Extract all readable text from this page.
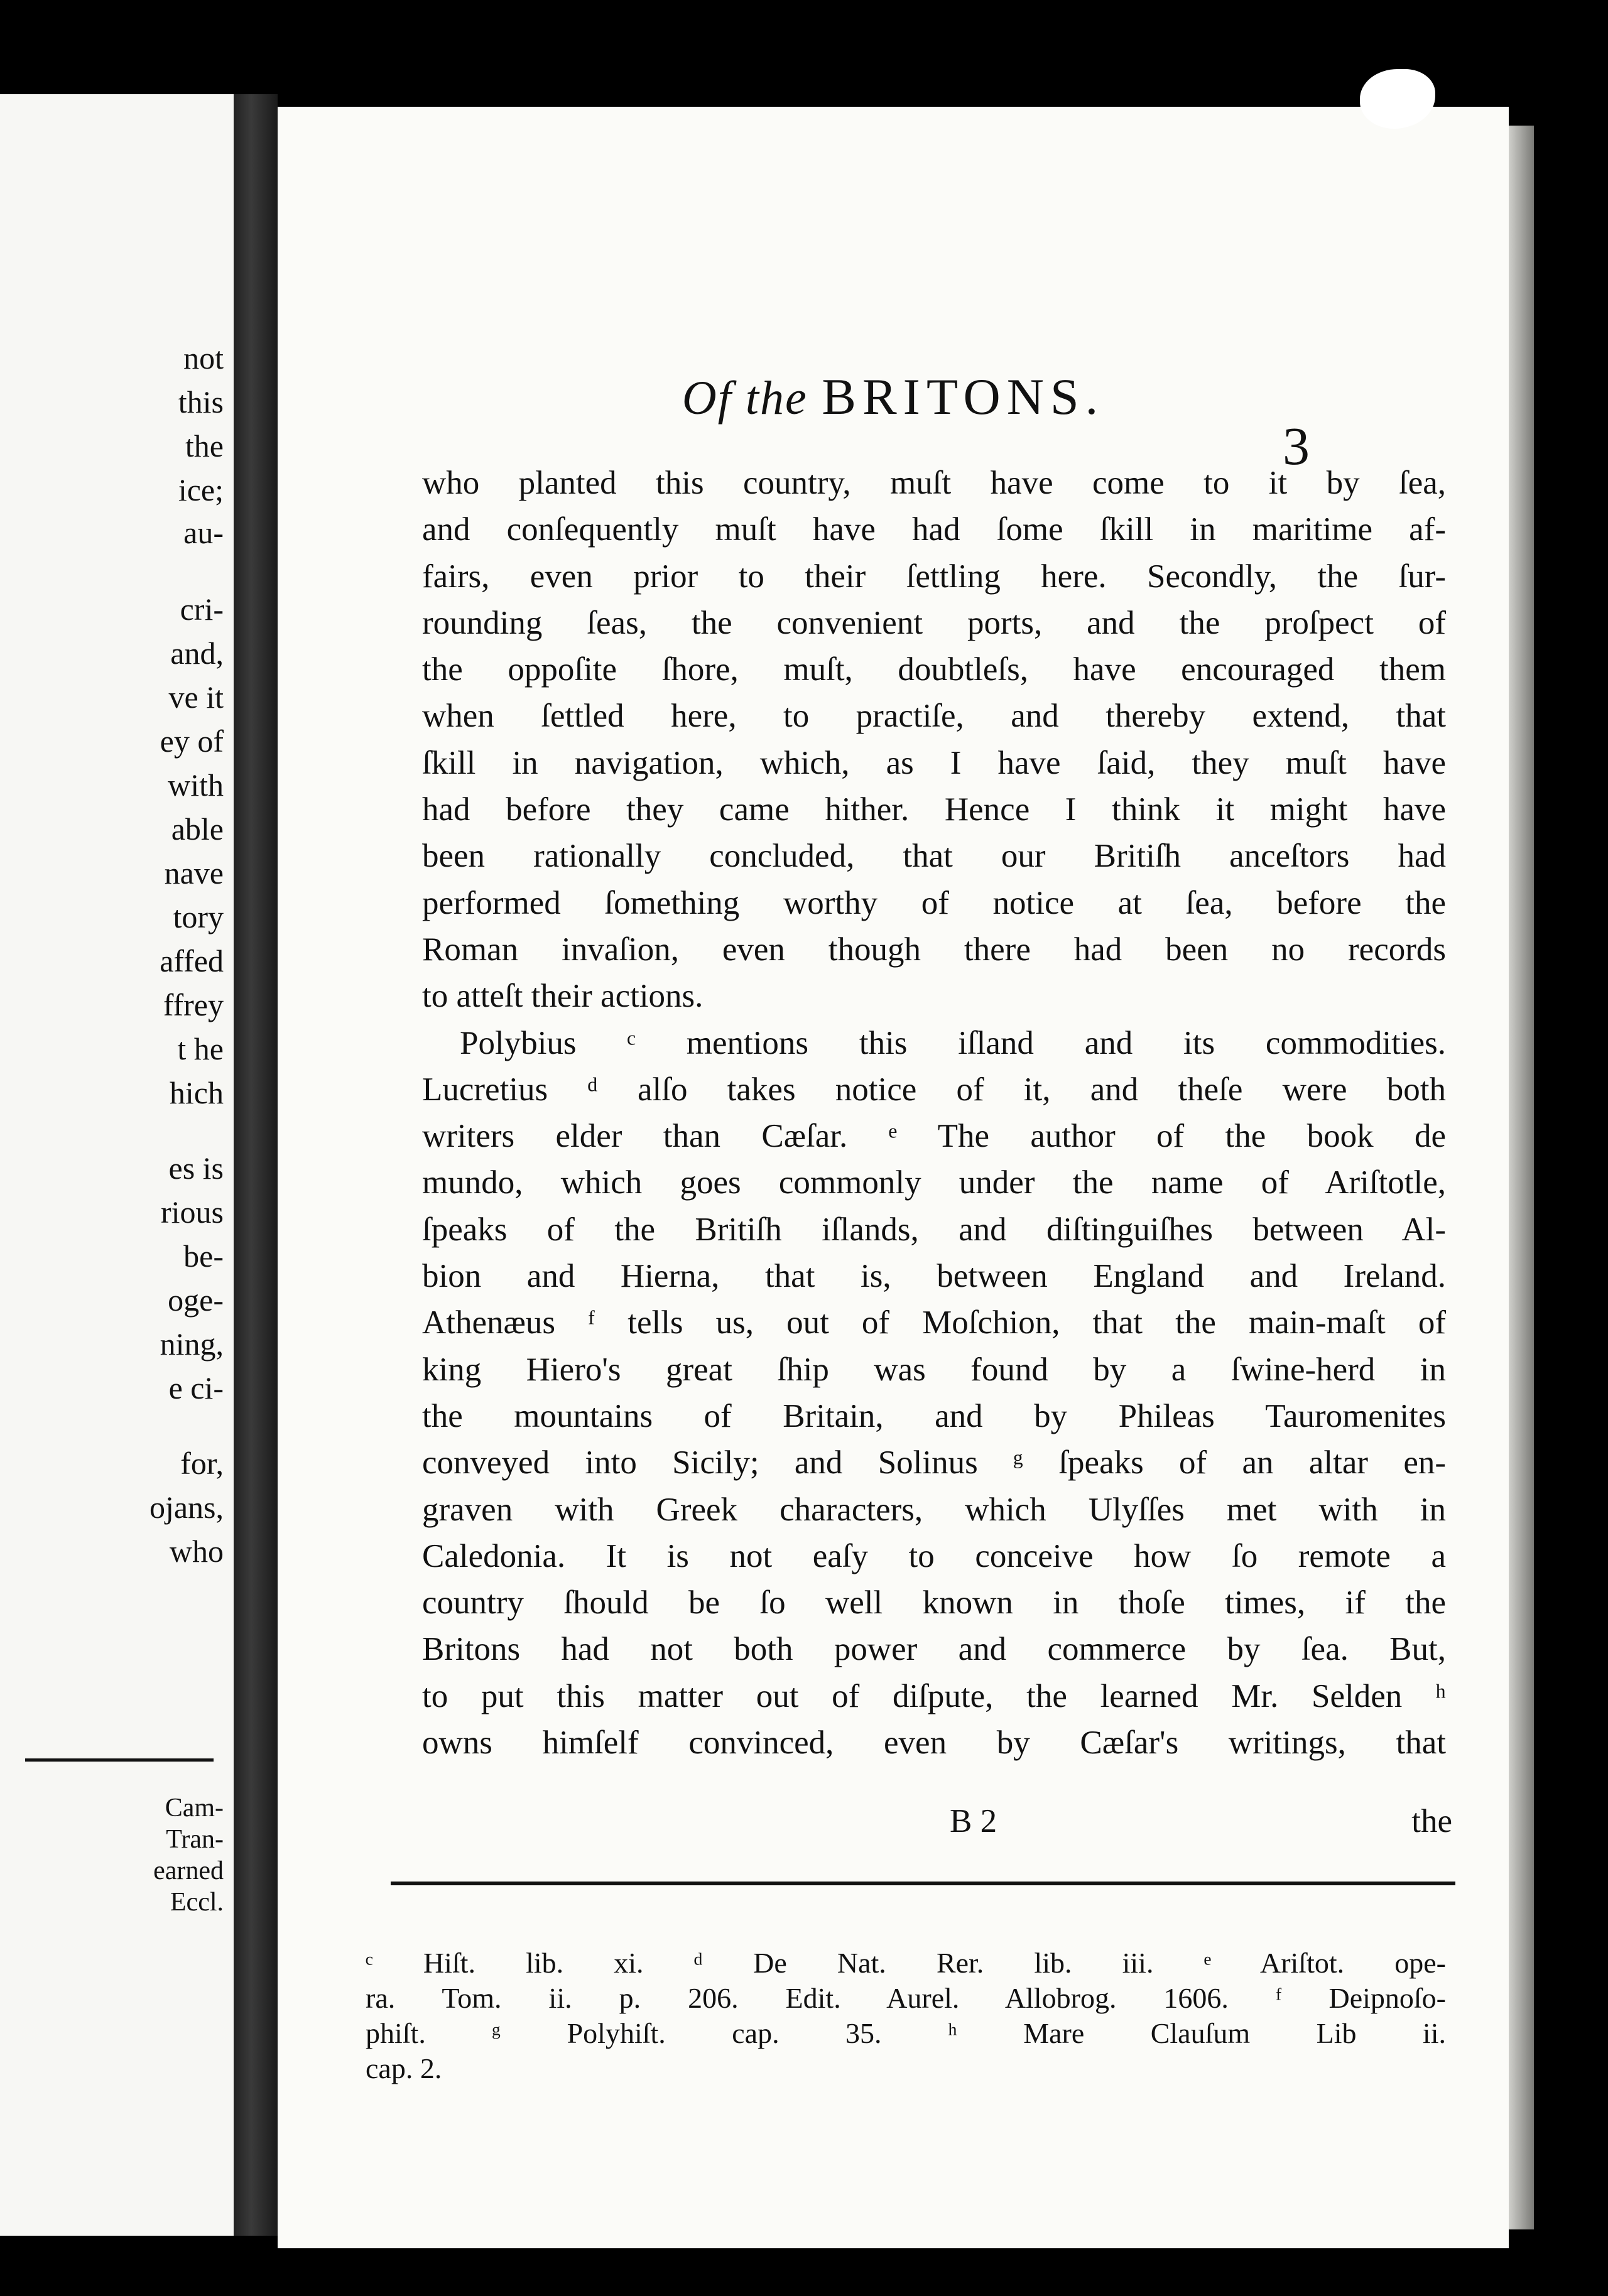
not
this
the
ice;
au-
cri-
and,
ve it
ey of
with
able
nave
tory
affed
ffrey
t he
hich
es is
rious
be-
oge-
ning,
e ci-
for,
ojans,
who
Cam-
Tran-
earned
Eccl.
Of the BRITONS.
3
who planted this country, muſt have come to it by ſea,
and conſequently muſt have had ſome ſkill in maritime af-
fairs, even prior to their ſettling here. Secondly, the ſur-
rounding ſeas, the convenient ports, and the proſpect of
the oppoſite ſhore, muſt, doubtleſs, have encouraged them
when ſettled here, to practiſe, and thereby extend, that
ſkill in navigation, which, as I have ſaid, they muſt have
had before they came hither. Hence I think it might have
been rationally concluded, that our Britiſh anceſtors had
performed ſomething worthy of notice at ſea, before the
Roman invaſion, even though there had been no records
to atteſt their actions.
Polybius ᶜ mentions this iſland and its commodities.
Lucretius ᵈ alſo takes notice of it, and theſe were both
writers elder than Cæſar. ᵉ The author of the book de
mundo, which goes commonly under the name of Ariſtotle,
ſpeaks of the Britiſh iſlands, and diſtinguiſhes between Al-
bion and Hierna, that is, between England and Ireland.
Athenæus ᶠ tells us, out of Moſchion, that the main-maſt of
king Hiero's great ſhip was found by a ſwine-herd in
the mountains of Britain, and by Phileas Tauromenites
conveyed into Sicily; and Solinus ᵍ ſpeaks of an altar en-
graven with Greek characters, which Ulyſſes met with in
Caledonia. It is not eaſy to conceive how ſo remote a
country ſhould be ſo well known in thoſe times, if the
Britons had not both power and commerce by ſea. But,
to put this matter out of diſpute, the learned Mr. Selden ʰ
owns himſelf convinced, even by Cæſar's writings, that
B 2	the
ᶜ Hiſt. lib. xi. ᵈ De Nat. Rer. lib. iii. ᵉ Ariſtot. ope-
ra. Tom. ii. p. 206. Edit. Aurel. Allobrog. 1606. ᶠ Deipnoſo-
phiſt. ᵍ Polyhiſt. cap. 35. ʰ Mare Clauſum Lib ii.
cap. 2.
